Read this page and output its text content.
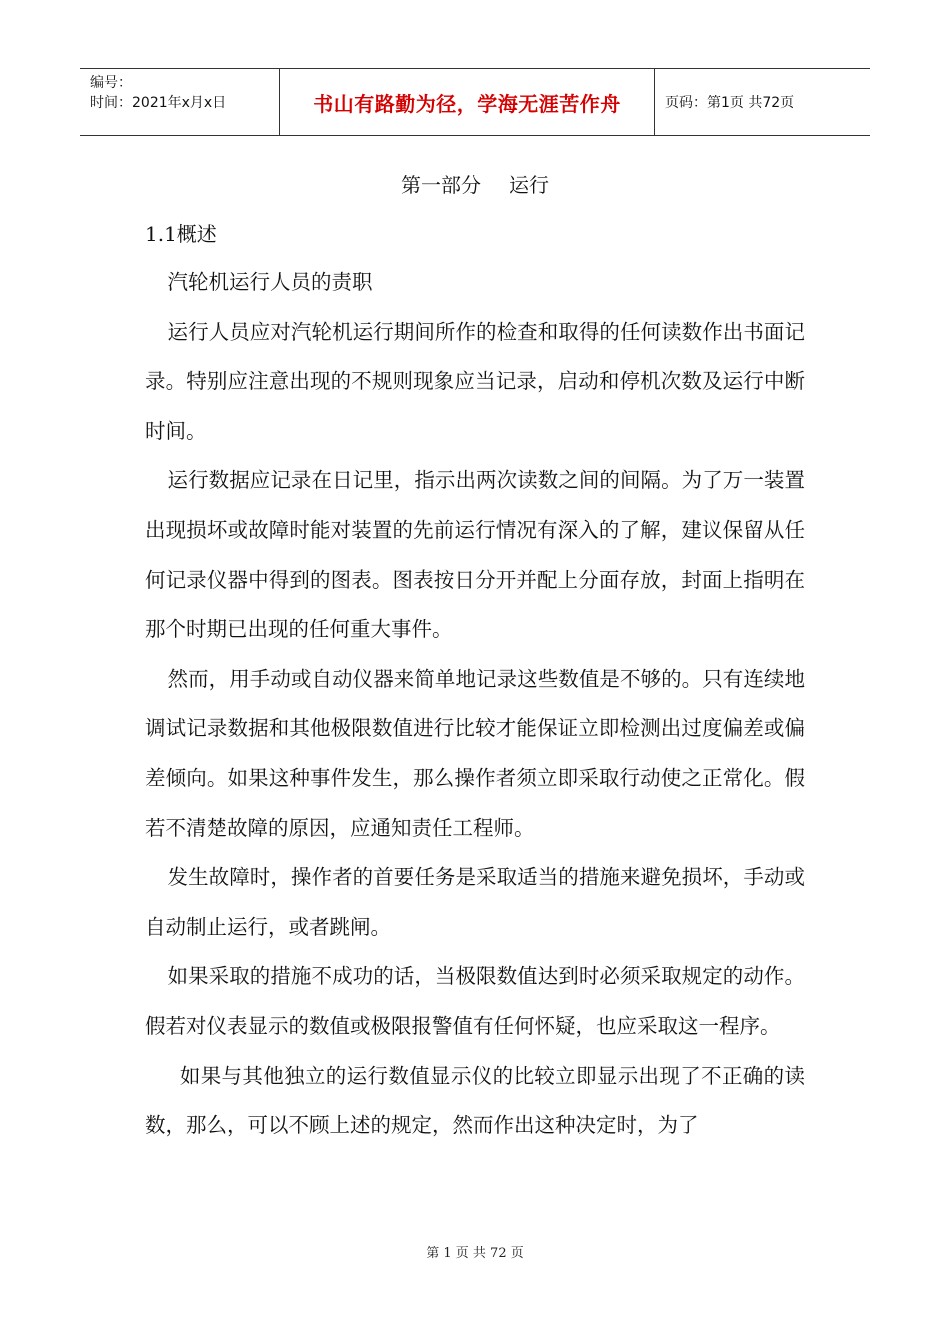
编号：
时间：2021年x月x日	书山有路勤为径，学海无涯苦作舟	页码：第1页 共72页
第一部分 运行

1.1概述

汽轮机运行人员的责职

运行人员应对汽轮机运行期间所作的检查和取得的任何读数作出书面记录。特别应注意出现的不规则现象应当记录，启动和停机次数及运行中断时间。

运行数据应记录在日记里，指示出两次读数之间的间隔。为了万一装置出现损坏或故障时能对装置的先前运行情况有深入的了解，建议保留从任何记录仪器中得到的图表。图表按日分开并配上分面存放，封面上指明在那个时期已出现的任何重大事件。

然而，用手动或自动仪器来简单地记录这些数值是不够的。只有连续地调试记录数据和其他极限数值进行比较才能保证立即检测出过度偏差或偏差倾向。如果这种事件发生，那么操作者须立即采取行动使之正常化。假若不清楚故障的原因，应通知责任工程师。

发生故障时，操作者的首要任务是采取适当的措施来避免损坏，手动或自动制止运行，或者跳闸。

如果采取的措施不成功的话，当极限数值达到时必须采取规定的动作。假若对仪表显示的数值或极限报警值有任何怀疑，也应采取这一程序。

如果与其他独立的运行数值显示仪的比较立即显示出现了不正确的读数，那么，可以不顾上述的规定，然而作出这种决定时，为了

第 1 页 共 72 页
